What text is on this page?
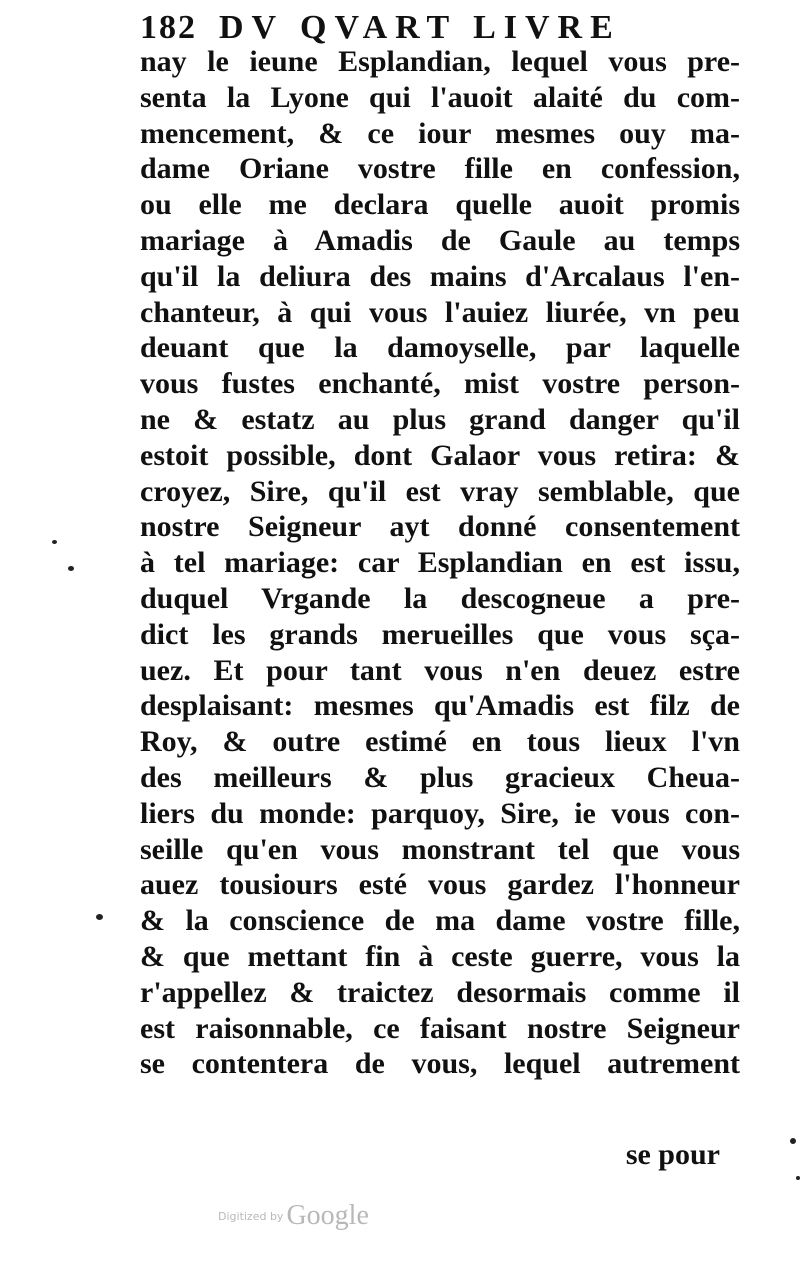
182 DV QVART LIVRE
nay le ieune Esplandian, lequel vous pre-
senta la Lyone qui l'auoit alaité du com-
mencement, & ce iour mesmes ouy ma-
dame Oriane vostre fille en confession,
ou elle me declara quelle auoit promis
mariage à Amadis de Gaule au temps
qu'il la deliura des mains d'Arcalaus l'en-
chanteur, à qui vous l'auiez liurée, vn peu
deuant que la damoyselle, par laquelle
vous fustes enchanté, mist vostre person-
ne & estatz au plus grand danger qu'il
estoit possible, dont Galaor vous retira: &
croyez, Sire, qu'il est vray semblable, que
nostre Seigneur ayt donné consentement
à tel mariage: car Esplandian en est issu,
duquel Vrgande la descogneue a pre-
dict les grands merueilles que vous sça-
uez. Et pour tant vous n'en deuez estre
desplaisant: mesmes qu'Amadis est filz de
Roy, & outre estimé en tous lieux l'vn
des meilleurs & plus gracieux Cheua-
liers du monde: parquoy, Sire, ie vous con-
seille qu'en vous monstrant tel que vous
auez tousiours esté vous gardez l'honneur
& la conscience de ma dame vostre fille,
& que mettant fin à ceste guerre, vous la
r'appellez & traictez desormais comme il
est raisonnable, ce faisant nostre Seigneur
se contentera de vous, lequel autrement
se pour
$^{Digitized by}$ Google
